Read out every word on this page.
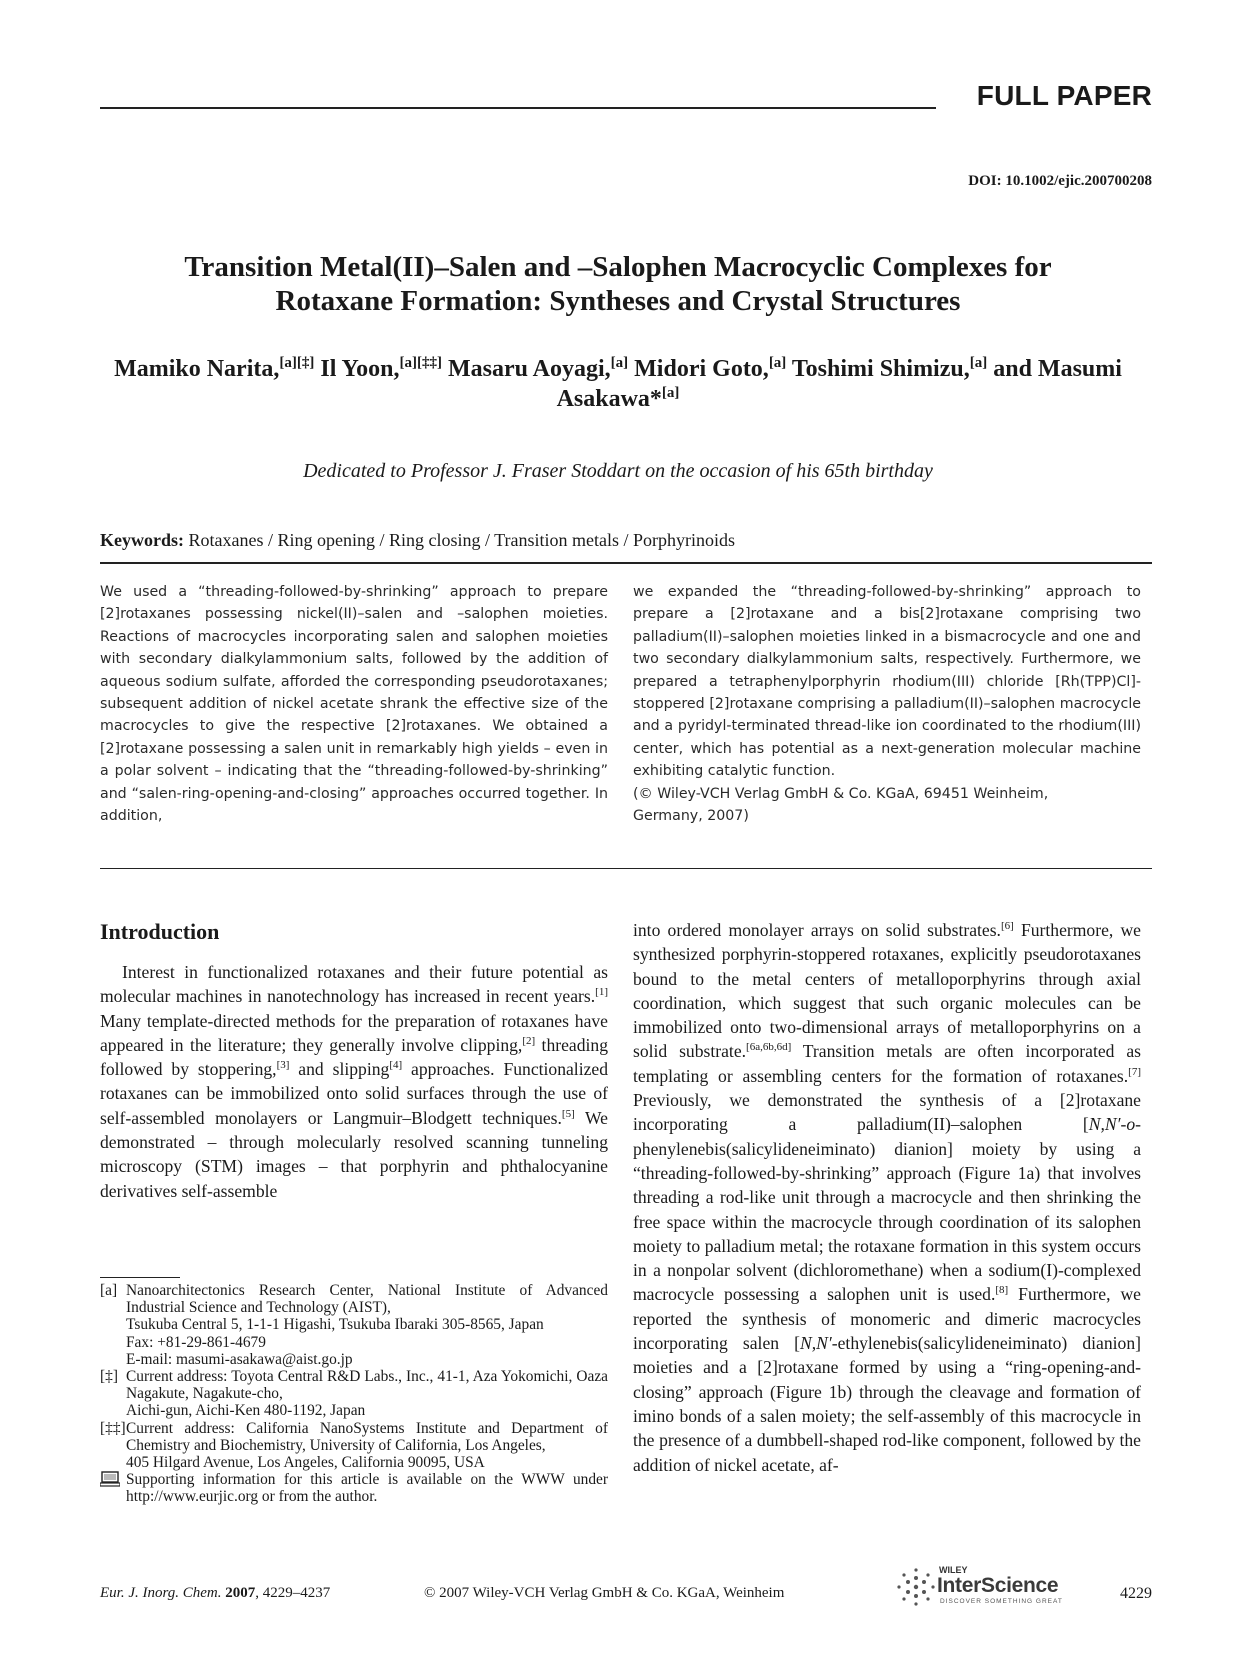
FULL PAPER
DOI: 10.1002/ejic.200700208
Transition Metal(II)–Salen and –Salophen Macrocyclic Complexes for
Rotaxane Formation: Syntheses and Crystal Structures
Mamiko Narita,[a][‡] Il Yoon,[a][‡‡] Masaru Aoyagi,[a] Midori Goto,[a] Toshimi Shimizu,[a] and Masumi Asakawa*[a]
Dedicated to Professor J. Fraser Stoddart on the occasion of his 65th birthday
Keywords: Rotaxanes / Ring opening / Ring closing / Transition metals / Porphyrinoids
We used a “threading-followed-by-shrinking” approach to prepare [2]rotaxanes possessing nickel(II)–salen and –salophen moieties. Reactions of macrocycles incorporating salen and salophen moieties with secondary dialkylammonium salts, followed by the addition of aqueous sodium sulfate, afforded the corresponding pseudorotaxanes; subsequent addition of nickel acetate shrank the effective size of the macrocycles to give the respective [2]rotaxanes. We obtained a [2]rotaxane possessing a salen unit in remarkably high yields – even in a polar solvent – indicating that the “threading-followed-by-shrinking” and “salen-ring-opening-and-closing” approaches occurred together. In addition,
we expanded the “threading-followed-by-shrinking” approach to prepare a [2]rotaxane and a bis[2]rotaxane comprising two palladium(II)–salophen moieties linked in a bismacrocycle and one and two secondary dialkylammonium salts, respectively. Furthermore, we prepared a tetraphenylporphyrin rhodium(III) chloride [Rh(TPP)Cl]-stoppered [2]rotaxane comprising a palladium(II)–salophen macrocycle and a pyridyl-terminated thread-like ion coordinated to the rhodium(III) center, which has potential as a next-generation molecular machine exhibiting catalytic function.
(© Wiley-VCH Verlag GmbH & Co. KGaA, 69451 Weinheim,
Germany, 2007)
Introduction
Interest in functionalized rotaxanes and their future potential as molecular machines in nanotechnology has increased in recent years.[1] Many template-directed methods for the preparation of rotaxanes have appeared in the literature; they generally involve clipping,[2] threading followed by stoppering,[3] and slipping[4] approaches. Functionalized rotaxanes can be immobilized onto solid surfaces through the use of self-assembled monolayers or Langmuir–Blodgett techniques.[5] We demonstrated – through molecularly resolved scanning tunneling microscopy (STM) images – that porphyrin and phthalocyanine derivatives self-assemble
into ordered monolayer arrays on solid substrates.[6] Furthermore, we synthesized porphyrin-stoppered rotaxanes, explicitly pseudorotaxanes bound to the metal centers of metalloporphyrins through axial coordination, which suggest that such organic molecules can be immobilized onto two-dimensional arrays of metalloporphyrins on a solid substrate.[6a,6b,6d] Transition metals are often incorporated as templating or assembling centers for the formation of rotaxanes.[7] Previously, we demonstrated the synthesis of a [2]rotaxane incorporating a palladium(II)–salophen [N,N′-o-phenylenebis(salicylideneiminato) dianion] moiety by using a “threading-followed-by-shrinking” approach (Figure 1a) that involves threading a rod-like unit through a macrocycle and then shrinking the free space within the macrocycle through coordination of its salophen moiety to palladium metal; the rotaxane formation in this system occurs in a nonpolar solvent (dichloromethane) when a sodium(I)-complexed macrocycle possessing a salophen unit is used.[8] Furthermore, we reported the synthesis of monomeric and dimeric macrocycles incorporating salen [N,N′-ethylenebis(salicylideneiminato) dianion] moieties and a [2]rotaxane formed by using a “ring-opening-and-closing” approach (Figure 1b) through the cleavage and formation of imino bonds of a salen moiety; the self-assembly of this macrocycle in the presence of a dumbbell-shaped rod-like component, followed by the addition of nickel acetate, af-
[a] Nanoarchitectonics Research Center, National Institute of Advanced Industrial Science and Technology (AIST),
Tsukuba Central 5, 1-1-1 Higashi, Tsukuba Ibaraki 305-8565, Japan
Fax: +81-29-861-4679
E-mail: masumi-asakawa@aist.go.jp
[‡] Current address: Toyota Central R&D Labs., Inc., 41-1, Aza Yokomichi, Oaza Nagakute, Nagakute-cho,
Aichi-gun, Aichi-Ken 480-1192, Japan
[‡‡] Current address: California NanoSystems Institute and Department of Chemistry and Biochemistry, University of California, Los Angeles,
405 Hilgard Avenue, Los Angeles, California 90095, USA
Supporting information for this article is available on the WWW under http://www.eurjic.org or from the author.
Eur. J. Inorg. Chem. 2007, 4229–4237	© 2007 Wiley-VCH Verlag GmbH & Co. KGaA, Weinheim
WILEY
InterScience
DISCOVER SOMETHING GREAT	4229
